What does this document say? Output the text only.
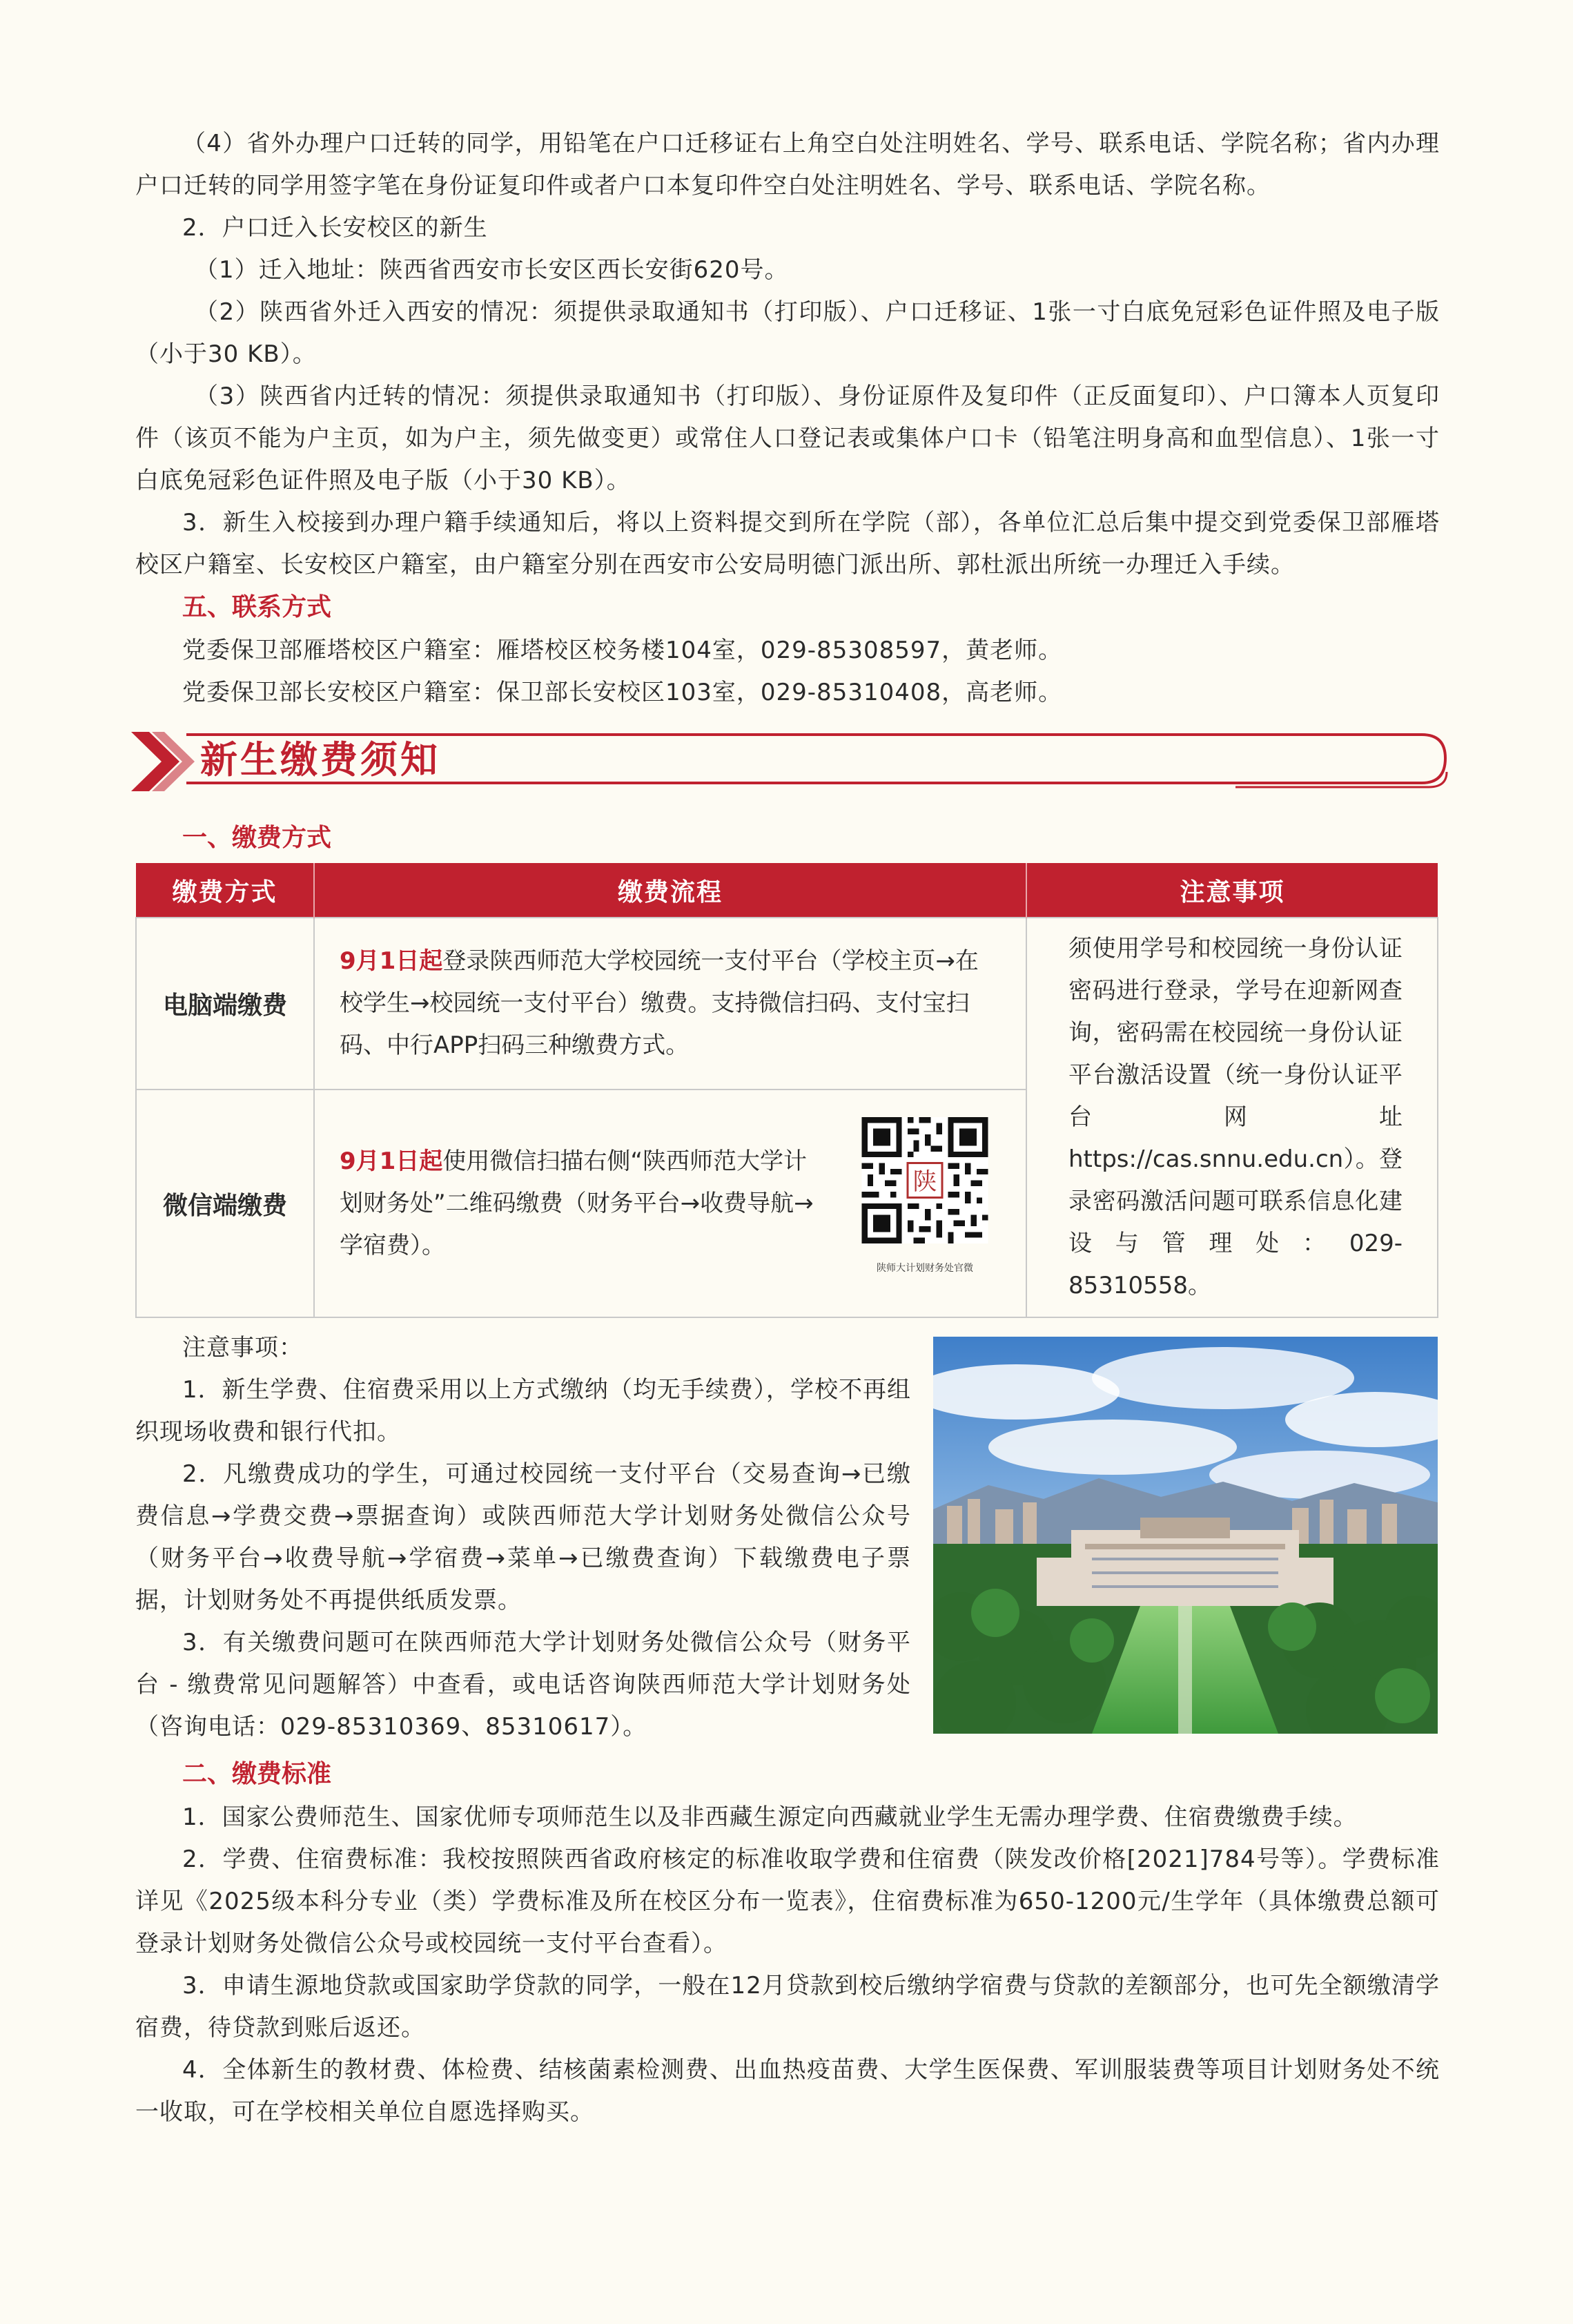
（4）省外办理户口迁转的同学，用铅笔在户口迁移证右上角空白处注明姓名、学号、联系电话、学院名称；省内办理户口迁转的同学用签字笔在身份证复印件或者户口本复印件空白处注明姓名、学号、联系电话、学院名称。

2．户口迁入长安校区的新生

（1）迁入地址：陕西省西安市长安区西长安街620号。

（2）陕西省外迁入西安的情况：须提供录取通知书（打印版）、户口迁移证、1张一寸白底免冠彩色证件照及电子版（小于30 KB）。

（3）陕西省内迁转的情况：须提供录取通知书（打印版）、身份证原件及复印件（正反面复印）、户口簿本人页复印件（该页不能为户主页，如为户主，须先做变更）或常住人口登记表或集体户口卡（铅笔注明身高和血型信息）、1张一寸白底免冠彩色证件照及电子版（小于30 KB）。

3．新生入校接到办理户籍手续通知后，将以上资料提交到所在学院（部），各单位汇总后集中提交到党委保卫部雁塔校区户籍室、长安校区户籍室，由户籍室分别在西安市公安局明德门派出所、郭杜派出所统一办理迁入手续。

五、联系方式

党委保卫部雁塔校区户籍室：雁塔校区校务楼104室，029-85308597，黄老师。

党委保卫部长安校区户籍室：保卫部长安校区103室，029-85310408，高老师。

新生缴费须知

一、缴费方式

缴费方式	缴费流程	注意事项
电脑端缴费	9月1日起登录陕西师范大学校园统一支付平台（学校主页→在校学生→校园统一支付平台）缴费。支持微信扫码、支付宝扫码、中行APP扫码三种缴费方式。	须使用学号和校园统一身份认证密码进行登录，学号在迎新网查询，密码需在校园统一身份认证平台激活设置（统一身份认证平台网址https://cas.snnu.edu.cn）。登录密码激活问题可联系信息化建设与管理处：029-85310558。
微信端缴费	9月1日起使用微信扫描右侧“陕西师范大学计划财务处”二维码缴费（财务平台→收费导航→学宿费）。
陕
陕师大计划财务处官微	

注意事项：

1．新生学费、住宿费采用以上方式缴纳（均无手续费），学校不再组织现场收费和银行代扣。

2．凡缴费成功的学生，可通过校园统一支付平台（交易查询→已缴费信息→学费交费→票据查询）或陕西师范大学计划财务处微信公众号（财务平台→收费导航→学宿费→菜单→已缴费查询）下载缴费电子票据，计划财务处不再提供纸质发票。

3．有关缴费问题可在陕西师范大学计划财务处微信公众号（财务平台 - 缴费常见问题解答）中查看，或电话咨询陕西师范大学计划财务处（咨询电话：029-85310369、85310617）。

二、缴费标准

1．国家公费师范生、国家优师专项师范生以及非西藏生源定向西藏就业学生无需办理学费、住宿费缴费手续。

2．学费、住宿费标准：我校按照陕西省政府核定的标准收取学费和住宿费（陕发改价格[2021]784号等）。学费标准详见《2025级本科分专业（类）学费标准及所在校区分布一览表》，住宿费标准为650-1200元/生学年（具体缴费总额可登录计划财务处微信公众号或校园统一支付平台查看）。

3．申请生源地贷款或国家助学贷款的同学，一般在12月贷款到校后缴纳学宿费与贷款的差额部分，也可先全额缴清学宿费，待贷款到账后返还。

4．全体新生的教材费、体检费、结核菌素检测费、出血热疫苗费、大学生医保费、军训服装费等项目计划财务处不统一收取，可在学校相关单位自愿选择购买。
